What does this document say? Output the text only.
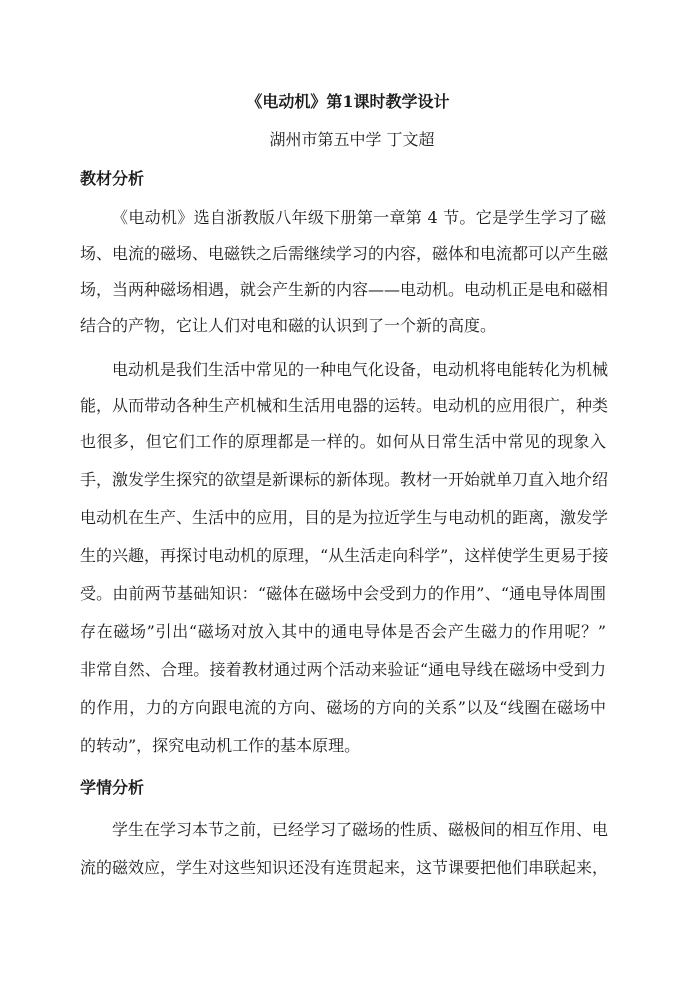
《电动机》第1课时教学设计
湖州市第五中学 丁文超
教材分析
《电动机》选自浙教版八年级下册第一章第 4 节。它是学生学习了磁
场、电流的磁场、电磁铁之后需继续学习的内容，磁体和电流都可以产生磁
场，当两种磁场相遇，就会产生新的内容——电动机。电动机正是电和磁相
结合的产物，它让人们对电和磁的认识到了一个新的高度。
电动机是我们生活中常见的一种电气化设备，电动机将电能转化为机械
能，从而带动各种生产机械和生活用电器的运转。电动机的应用很广，种类
也很多，但它们工作的原理都是一样的。如何从日常生活中常见的现象入
手，激发学生探究的欲望是新课标的新体现。教材一开始就单刀直入地介绍
电动机在生产、生活中的应用，目的是为拉近学生与电动机的距离，激发学
生的兴趣，再探讨电动机的原理，“从生活走向科学”，这样使学生更易于接
受。由前两节基础知识：“磁体在磁场中会受到力的作用”、“通电导体周围
存在磁场”引出“磁场对放入其中的通电导体是否会产生磁力的作用呢？”
非常自然、合理。接着教材通过两个活动来验证“通电导线在磁场中受到力
的作用，力的方向跟电流的方向、磁场的方向的关系”以及“线圈在磁场中
的转动”，探究电动机工作的基本原理。
学情分析
学生在学习本节之前，已经学习了磁场的性质、磁极间的相互作用、电
流的磁效应，学生对这些知识还没有连贯起来，这节课要把他们串联起来，
